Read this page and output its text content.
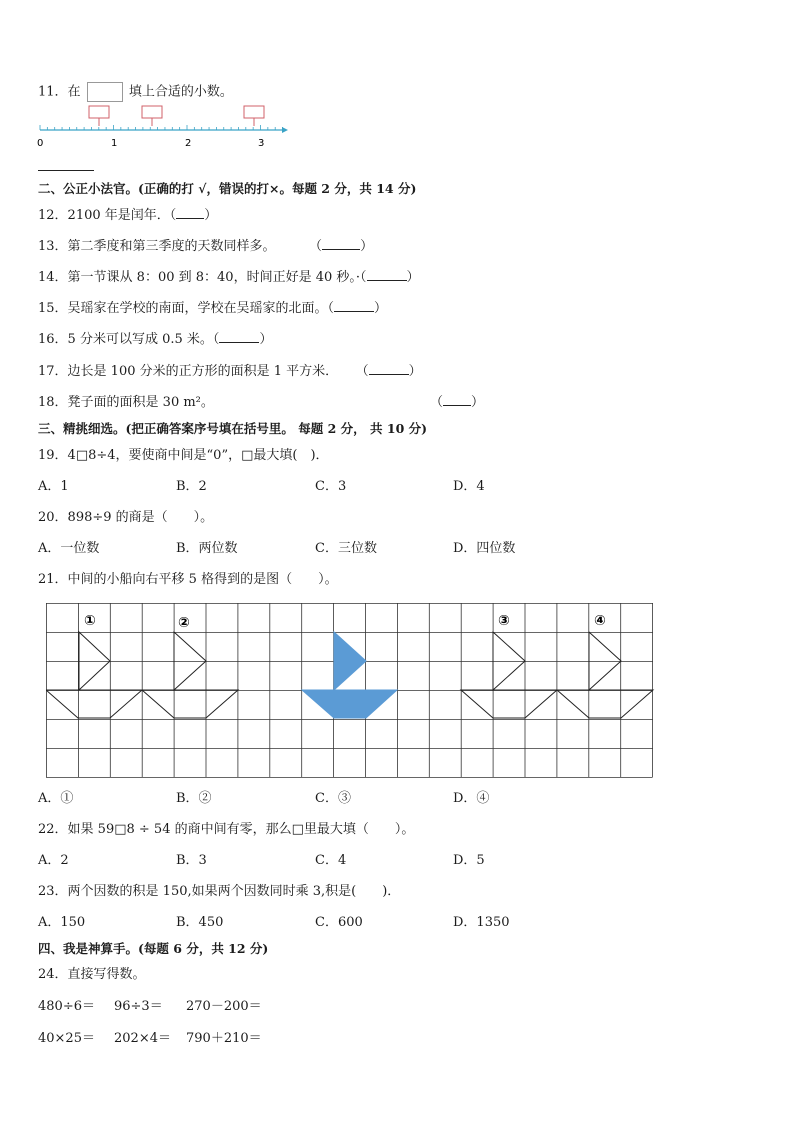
11．在	填上合适的小数。
0	1	2	3
二、公正小法官。(正确的打 √，错误的打×。每题 2 分，共 14 分)
12．2100 年是闰年．（ ）
13．第二季度和第三季度的天数同样多。	（	）
14．第一节课从 8：00 到 8：40，时间正好是 40 秒。·（	）
15．吴瑶家在学校的南面，学校在吴瑶家的北面。（	）
16．5 分米可以写成 0.5 米。（	）
17．边长是 100 分米的正方形的面积是 1 平方米． （	）
18．凳子面的面积是 30 m²。	（ ）
三、精挑细选。(把正确答案序号填在括号里。 每题 2 分， 共 10 分)
19．4□8÷4，要使商中间是“0”，□最大填(　)．
A．1	B．2	C．3	D．4
20．898÷9 的商是（　　）。
A．一位数	B．两位数	C．三位数	D．四位数
21．中间的小船向右平移 5 格得到的是图（　　）。
①	②	③	④
A．①	B．②	C．③	D．④
22．如果 59□8 ÷ 54 的商中间有零，那么□里最大填（　　）。
A．2	B．3	C．4	D．5
23．两个因数的积是 150,如果两个因数同时乘 3,积是(　　)．
A．150	B．450	C．600	D．1350
四、我是神算手。(每题 6 分，共 12 分)
24．直接写得数。
480÷6＝ 96÷3＝ 270－200＝
40×25＝ 202×4＝ 790＋210＝
